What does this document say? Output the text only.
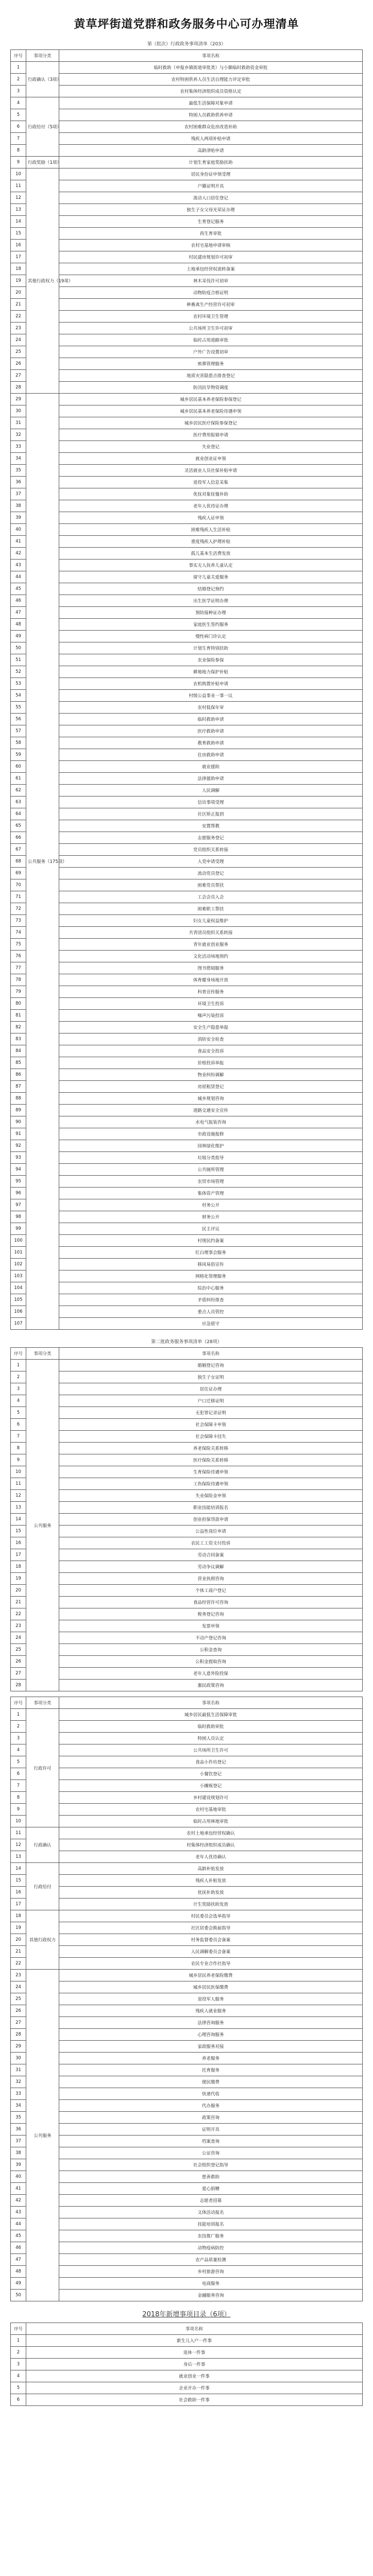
黄草坪街道党群和政务服务中心可办理清单
第（批次）行政政务事项清单（203）
序号	事项分类	事项名称
1	行政确认（3项）	临时救助（申报乡镇街道审批类）与小额临时救助资金审批
2		农村特困供养人员生活自理能力评定审批
3		农村集体经济组织成员资格认定
4	行政给付（5项）	最低生活保障对象申请
5		特困人员救助供养申请
6		农村困难群众危房改造补助
7		残疾人两项补贴申请
8		高龄津贴申请
9	行政奖励（1项）	计划生育家庭奖励扶助
10	其他行政权力（19项）	居民身份证申领受理
11		户籍证明开具
12		流动人口居住登记
13		独生子女父母光荣证办理
14		生育登记服务
15		再生育审批
16		农村宅基地申请审核
17		村民建房规划许可初审
18		土地承包经营权流转备案
19		林木采伐许可初审
20		动物防疫合格证明
21		种畜禽生产经营许可初审
22		农村环境卫生管理
23		公共场所卫生许可初审
24		临时占用道路审批
25		户外广告设置初审
26		殡葬管理服务
27		地质灾害隐患点排查登记
28		防汛抗旱物资调度
29	公共服务（175项）	城乡居民基本养老保险参保登记
30		城乡居民基本养老保险待遇申领
31		城乡居民医疗保险参保登记
32		医疗费用报销申请
33		失业登记
34		就业创业证申领
35		灵活就业人员社保补贴申请
36		退役军人信息采集
37		优抚对象抚恤补助
38		老年人优待证办理
39		残疾人证申领
40		困难残疾人生活补贴
41		重度残疾人护理补贴
42		孤儿基本生活费发放
43		事实无人抚养儿童认定
44		留守儿童关爱服务
45		结婚登记预约
46		出生医学证明办理
47		预防接种证办理
48		家庭医生签约服务
49		慢性病门诊认定
50		计划生育特别扶助
51		农业保险参保
52		耕地地力保护补贴
53		农机购置补贴申请
54		村级公益事业一事一议
55		农村低保年审
56		临时救助申请
57		医疗救助申请
58		教育救助申请
59		住房救助申请
60		就业援助
61		法律援助申请
62		人民调解
63		信访事项受理
64		社区矫正报到
65		安置帮教
66		志愿服务登记
67		党员组织关系转接
68		入党申请受理
69		流动党员登记
70		困难党员帮扶
71		工会会员入会
72		困难职工帮扶
73		妇女儿童权益维护
74		共青团员组织关系转接
75		青年就业创业服务
76		文化活动场地预约
77		图书借阅服务
78		体育健身场地开放
79		科普宣传服务
80		环境卫生投诉
81		噪声污染投诉
82		安全生产隐患举报
83		消防安全检查
84		食品安全投诉
85		价格投诉举报
86		物业纠纷调解
87		房屋租赁登记
88		城乡规划咨询
89		道路交通安全宣传
90		水电气报装咨询
91		市政设施报修
92		园林绿化维护
93		垃圾分类指导
94		公共厕所管理
95		农贸市场管理
96		集体资产管理
97		村务公开
98		财务公开
99		民主评议
100		村规民约备案
101		红白理事会服务
102		移风易俗宣传
103		网格化管理服务
104		综治中心服务
105		矛盾纠纷排查
106		重点人员管控
107		应急值守
第二批政务服务事项清单（28项）
序号	事项分类	事项名称
1	公共服务	婚姻登记咨询
2		独生子女证明
3		居住证办理
4		户口迁移证明
5		无犯罪记录证明
6		社会保障卡申领
7		社会保障卡挂失
8		养老保险关系转移
9		医疗保险关系转移
10		生育保险待遇申领
11		工伤保险待遇申领
12		失业保险金申领
13		职业技能培训报名
14		创业担保贷款申请
15		公益性岗位申请
16		农民工工资支付投诉
17		劳动合同备案
18		劳动争议调解
19		营业执照咨询
20		个体工商户登记
21		食品经营许可咨询
22		税务登记咨询
23		发票申领
24		不动产登记咨询
25		公积金查询
26		公积金提取咨询
27		老年人意外险投保
28		惠民政策咨询
序号	事项分类	事项名称
1	行政许可	城乡居民最低生活保障审批
2		临时救助审批
3		特困人员认定
4		公共场所卫生许可
5		食品小作坊登记
6		小餐饮登记
7		小摊贩登记
8		乡村建设规划许可
9		农村宅基地审批
10		临时占用林地审批
11	行政确认	农村土地承包经营权确认
12		村集体经济组织成员确认
13		老年人优待确认
14	行政给付	高龄补贴发放
15		残疾人补贴发放
16		优抚补助发放
17		计生奖励扶助发放
18	其他行政权力	村民委员会选举指导
19		社区居委会换届指导
20		村务监督委员会备案
21		人民调解委员会备案
22		农民专业合作社指导
23	公共服务	城乡居民养老保险缴费
24		城乡居民医保缴费
25		退役军人服务
26		残疾人就业服务
27		法律咨询服务
28		心理咨询服务
29		家政服务对接
30		养老服务
31		托育服务
32		便民缴费
33		快递代收
34		代办服务
35		政策咨询
36		证明开具
37		档案查询
38		公证咨询
39		社会组织登记指导
40		慈善救助
41		爱心捐赠
42		志愿者招募
43		文体活动报名
44		技能培训报名
45		农技推广服务
46		动物疫病防控
47		农产品质量检测
48		乡村旅游咨询
49		电商服务
50		金融服务咨询
2018年新增事项目录（6项）
序号	事项名称
1	新生儿入户一件事
2	退休一件事
3	身后一件事
4	就业创业一件事
5	企业开办一件事
6	社会救助一件事
